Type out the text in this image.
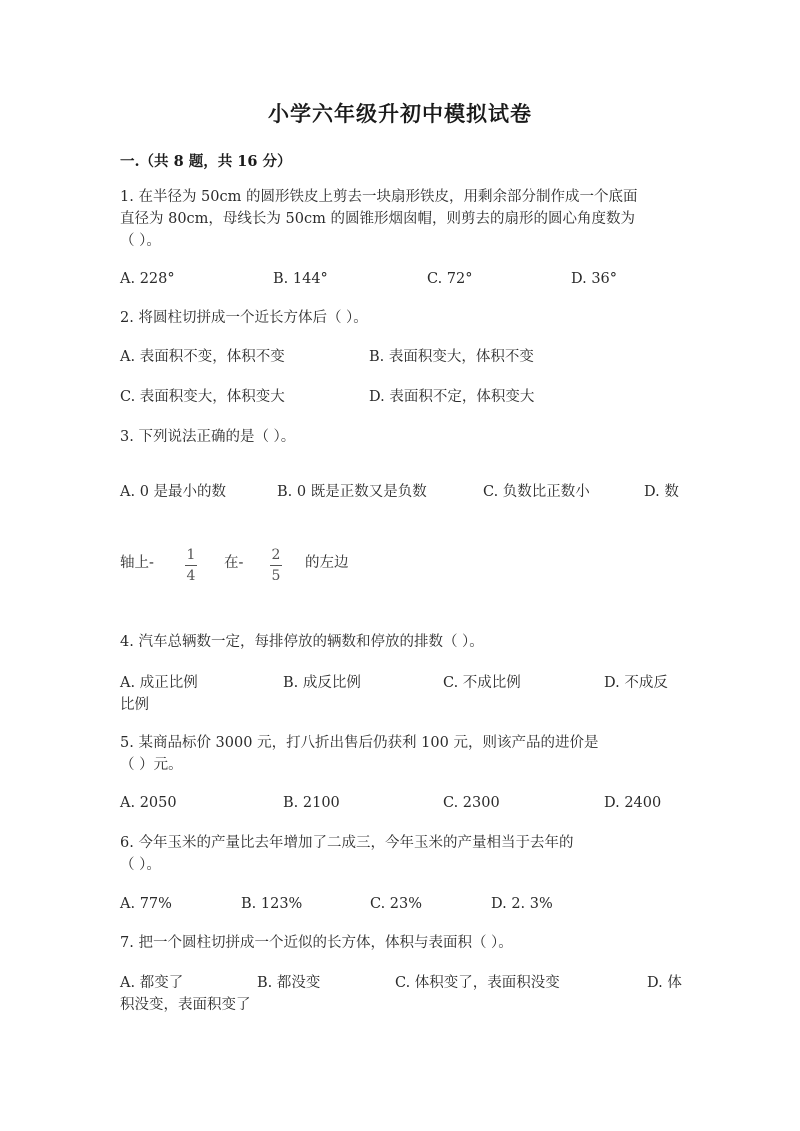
小学六年级升初中模拟试卷
一.（共 8 题，共 16 分）
1. 在半径为 50cm 的圆形铁皮上剪去一块扇形铁皮，用剩余部分制作成一个底面
直径为 80cm，母线长为 50cm 的圆锥形烟囱帽，则剪去的扇形的圆心角度数为
（ ）。
A. 228°	B. 144°	C. 72°	D. 36°
2. 将圆柱切拼成一个近长方体后（ ）。
A. 表面积不变，体积不变	B. 表面积变大，体积不变
C. 表面积变大，体积变大	D. 表面积不定，体积变大
3. 下列说法正确的是（ ）。
A. 0 是最小的数	B. 0 既是正数又是负数	C. 负数比正数小	D. 数
轴上- 1
4
在- 2
5
的左边
4. 汽车总辆数一定，每排停放的辆数和停放的排数（ ）。
A. 成正比例	B. 成反比例	C. 不成比例	D. 不成反
比例
5. 某商品标价 3000 元，打八折出售后仍获利 100 元，则该产品的进价是
（ ）元。
A. 2050	B. 2100	C. 2300	D. 2400
6. 今年玉米的产量比去年增加了二成三，今年玉米的产量相当于去年的
（ ）。
A. 77%	B. 123%	C. 23%	D. 2. 3%
7. 把一个圆柱切拼成一个近似的长方体，体积与表面积（ ）。
A. 都变了	B. 都没变	C. 体积变了，表面积没变	D. 体
积没变，表面积变了
